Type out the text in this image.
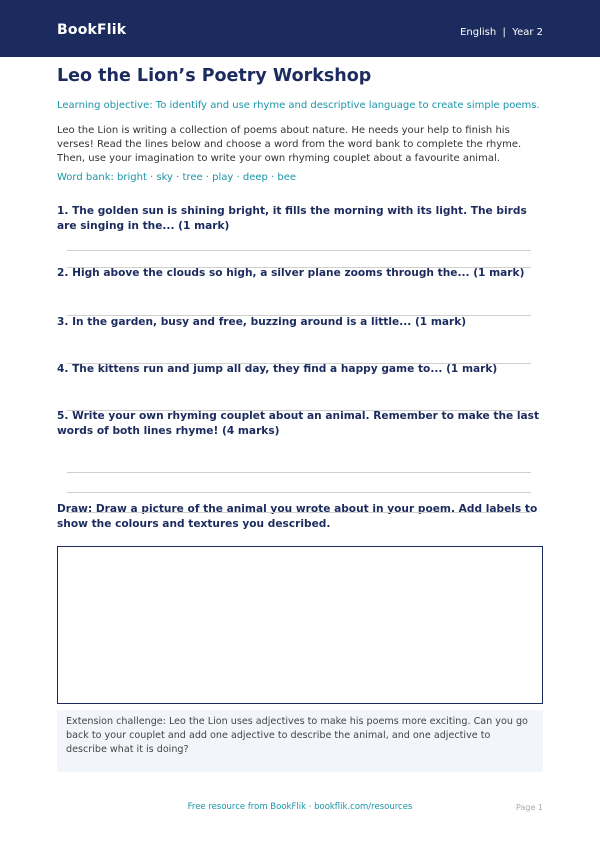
BookFlik	English  |  Year 2
Leo the Lion’s Poetry Workshop
Learning objective: To identify and use rhyme and descriptive language to create simple poems.

Leo the Lion is writing a collection of poems about nature. He needs your help to finish his verses! Read the lines below and choose a word from the word bank to complete the rhyme. Then, use your imagination to write your own rhyming couplet about a favourite animal.

Word bank: bright · sky · tree · play · deep · bee

1. The golden sun is shining bright, it fills the morning with its light. The birds are singing in the... (1 mark)

2. High above the clouds so high, a silver plane zooms through the... (1 mark)

3. In the garden, busy and free, buzzing around is a little... (1 mark)

4. The kittens run and jump all day, they find a happy game to... (1 mark)

5. Write your own rhyming couplet about an animal. Remember to make the last words of both lines rhyme! (4 marks)

Draw: Draw a picture of the animal you wrote about in your poem. Add labels to show the colours and textures you described.

Extension challenge: Leo the Lion uses adjectives to make his poems more exciting. Can you go back to your couplet and add one adjective to describe the animal, and one adjective to describe what it is doing?
Free resource from BookFlik · bookflik.com/resources	Page 1
